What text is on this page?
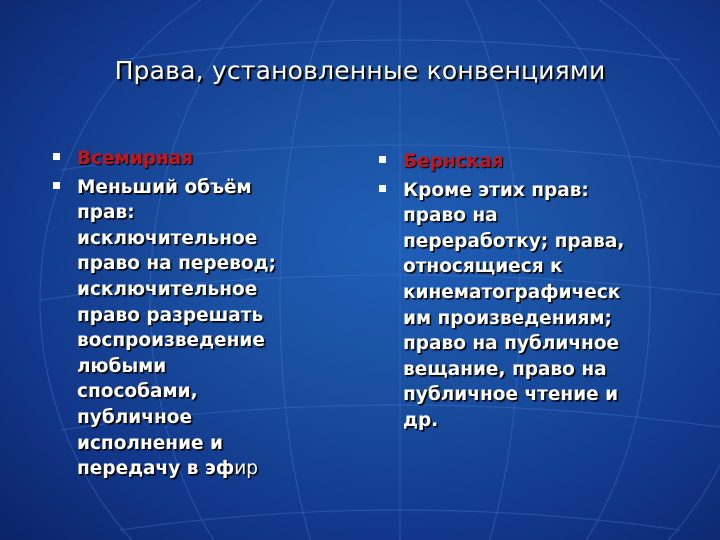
Права, установленные конвенциями
Всемирная
Меньший объём
прав:
исключительное
право на перевод;
исключительное
право разрешать
воспроизведение
любыми
способами,
публичное
исполнение и
передачу в эфир
Бернская
Кроме этих прав:
право на
переработку; права,
относящиеся к
кинематографическ
им произведениям;
право на публичное
вещание, право на
публичное чтение и
др.
